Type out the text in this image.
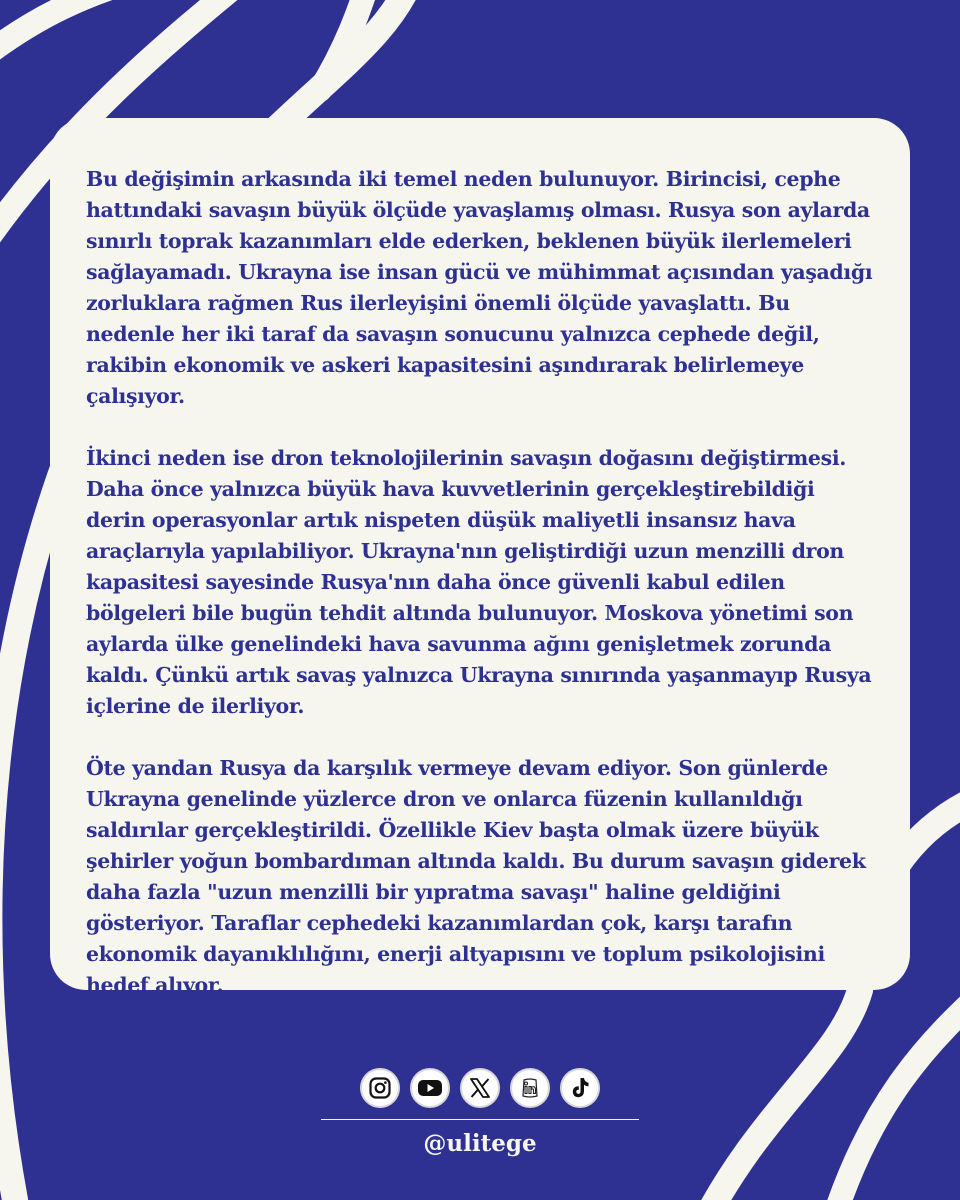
Bu değişimin arkasında iki temel neden bulunuyor. Birincisi, cephe hattındaki savaşın büyük ölçüde yavaşlamış olması. Rusya son aylarda sınırlı toprak kazanımları elde ederken, beklenen büyük ilerlemeleri sağlayamadı. Ukrayna ise insan gücü ve mühimmat açısından yaşadığı zorluklara rağmen Rus ilerleyişini önemli ölçüde yavaşlattı. Bu nedenle her iki taraf da savaşın sonucunu yalnızca cephede değil, rakibin ekonomik ve askeri kapasitesini aşındırarak belirlemeye çalışıyor.

İkinci neden ise dron teknolojilerinin savaşın doğasını değiştirmesi. Daha önce yalnızca büyük hava kuvvetlerinin gerçekleştirebildiği derin operasyonlar artık nispeten düşük maliyetli insansız hava araçlarıyla yapılabiliyor. Ukrayna'nın geliştirdiği uzun menzilli dron kapasitesi sayesinde Rusya'nın daha önce güvenli kabul edilen bölgeleri bile bugün tehdit altında bulunuyor. Moskova yönetimi son aylarda ülke genelindeki hava savunma ağını genişletmek zorunda kaldı. Çünkü artık savaş yalnızca Ukrayna sınırında yaşanmayıp Rusya içlerine de ilerliyor.

Öte yandan Rusya da karşılık vermeye devam ediyor. Son günlerde Ukrayna genelinde yüzlerce dron ve onlarca füzenin kullanıldığı saldırılar gerçekleştirildi. Özellikle Kiev başta olmak üzere büyük şehirler yoğun bombardıman altında kaldı. Bu durum savaşın giderek daha fazla "uzun menzilli bir yıpratma savaşı" haline geldiğini gösteriyor. Taraflar cephedeki kazanımlardan çok, karşı tarafın ekonomik dayanıklılığını, enerji altyapısını ve toplum psikolojisini hedef alıyor.

@ulitege
